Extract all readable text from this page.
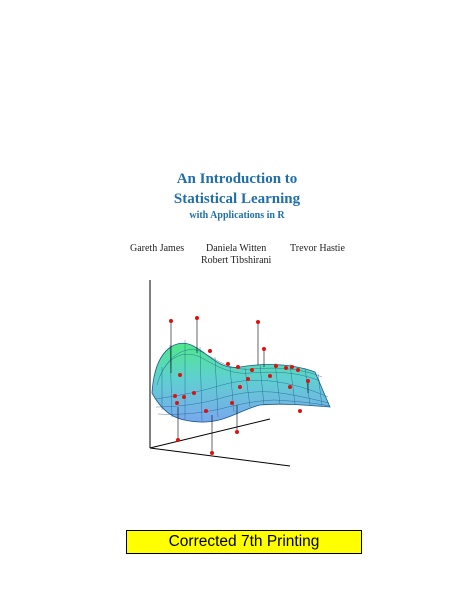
An Introduction to
Statistical Learning
with Applications in R
Gareth James Daniela Witten Trevor Hastie
Robert Tibshirani
Corrected 7th Printing
